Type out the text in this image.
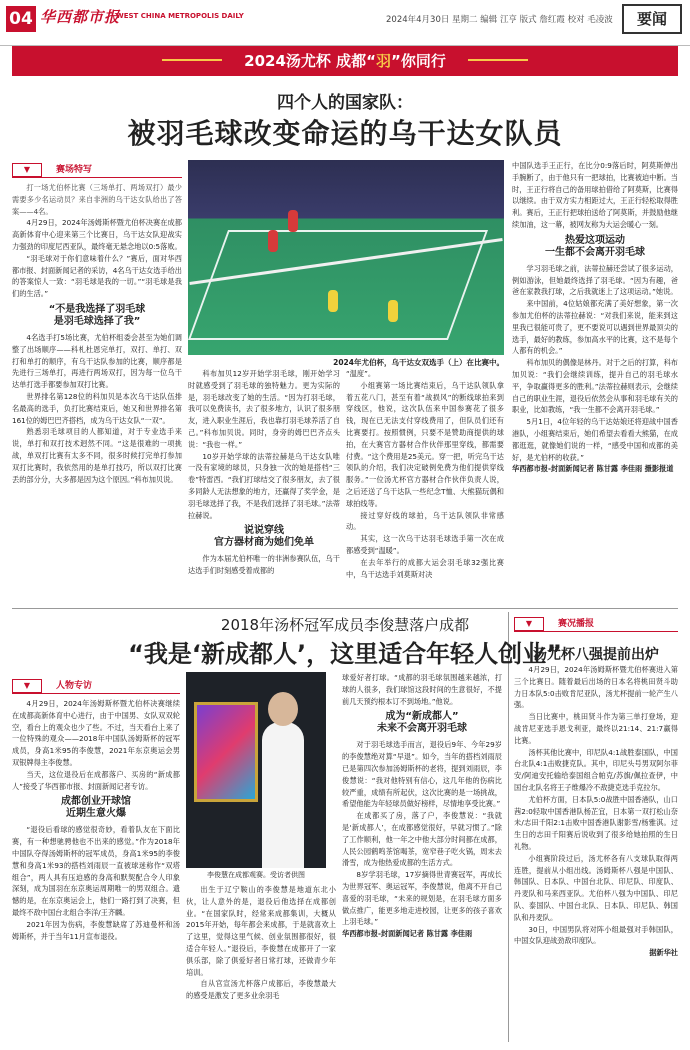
04 华西都市报
WEST CHINA METROPOLIS DAILY	2024年4月30日 星期二 编辑 江亨 版式 詹红霞 校对 毛凌波	要闻
2024汤尤杯 成都“羽”你同行
四个人的国家队：
被羽毛球改变命运的乌干达女队员
▼	赛场特写

打一场尤伯杯比赛（三场单打、两场双打）最少需要多少名运动员？来自非洲的乌干达女队给出了答案——4名。

4月29日，2024年汤姆斯杯暨尤伯杯决赛在成都高新体育中心迎来第三个比赛日，乌干达女队迎战实力强劲的印度尼西亚队，最终毫无悬念地以0:5落败。

“羽毛球对于你们意味着什么？”赛后，面对华西都市报、封面新闻记者的采访，4名乌干达女选手给出的答案惊人一致：“羽毛球是我的一切。”“羽毛球是我们的生活。”

“不是我选择了羽毛球
是羽毛球选择了我”

4名选手打5场比赛，尤伯杯组委会甚至为她们调整了出场顺序——科札杜恩完单打，双打、单打、双打和单打的顺序，有乌干达队参加的比赛，顺序都是先进行三场单打，再进行两场双打，因为每一位乌干达单打选手都要参加双打比赛。

世界排名第128位的科加贝是本次乌干达队伍排名最高的选手，负打比赛结束后，她又和世界排名第161位的姆巴巴齐搭档，成为乌干达女队“一双”。

熟悉羽毛球项目的人都知道，对于专业选手来说，单打和双打技术迥然不同。“这是很难的一项挑战，单双打比赛有太多不同，很多时候打完单打参加双打比赛时，我依然用的是单打技巧，所以双打比赛丢的部分分，大多都是因为这个原因。”科布加贝说。

2024年尤伯杯，乌干达女双选手（上）在比赛中。

科布加贝12岁开始学羽毛球，刚开始学习时就感受到了羽毛球的独特魅力。更为实际的是，羽毛球改变了她的生活。“因为打羽毛球，我可以免费读书，去了很多地方，认识了很多朋友，进入职业生涯后，我也靠打羽毛球养活了自己。”科布加贝说。同时，身旁的姆巴巴齐点头说：“我也一样。”

10岁开始学球的法蒂拉赫是乌干达女队唯一没有家境的球员，只身独一次的她是搭档“三卷”特雷西。“我们打球结交了很多朋友，去了很多同龄人无法想象的地方，还赢得了奖学金，是羽毛球选择了我，不是我们选择了羽毛球。”法蒂拉赫说。

说说穿线
官方器材商为她们免单

作为本届尤伯杯唯一的非洲参赛队伍，乌干达选手们时刻感受着成都的

“温度”。

小组赛第一场比赛结束后，乌干达队领队拿着五花八门，甚至有着“战损风”的断线球拍来到穿线区，他说，这次队伍来中国参赛花了很多钱，现在已无法支付穿线费用了，但队员们还有比赛要打。按照惯例，只要不是赞助商提供的球拍，在大赛官方器材合作伙伴那里穿线，都需要付费。“这个费用是25美元。穿一把，听完乌干达领队的介绍，我们决定破例免费为他们提供穿线服务。”一位汤尤杯官方器材合作伙伴负责人说，之后还送了乌干达队一些纪念T恤、大熊猫玩偶和球拍线等。

接过穿好线的球拍，乌干达队领队非常感动。

其实，这一次乌干达羽毛球选手第一次在成都感受到“温暖”。

在去年举行的成都大运会羽毛球32强比赛中，乌干达选手刘莫斯对决

中国队选手王正行，在比分0:9落后时，阿莫斯伸出手腕断了，由于他只有一把球拍，比赛被迫中断。当时，王正行将自己的备用球拍借给了阿莫斯，比赛得以继续。由于双方实力相距过大，王正行轻松取得胜利。赛后，王正行把球拍送给了阿莫斯，并鼓励他继续加油，这一幕，被网友称为大运会暖心一刻。

热爱这项运动
一生都不会离开羽毛球

学习羽毛球之前，法蒂拉赫还尝试了很多运动，例如游泳，但她最终选择了羽毛球。“因为有趣，爸爸在家教我打球，之后我就迷上了这项运动。”她说。

来中国前，4位姑娘都充满了美好想象，第一次参加尤伯杯的法蒂拉赫说：“对我们来说，能来到这里我已很能可贵了，更不要说可以遇到世界最顶尖的选手，最好的教练，参加高水平的比赛，这不是每个人都有的机会。”

科布加贝的偶像是林丹。对于之后的打算，科布加贝说：“我们会继续训练，提升自己的羽毛球水平，争取赢得更多的胜利。”法蒂拉赫则表示，会继续自己的职业生涯，退役后依然会从事和羽毛球有关的职业，比如教练，“我一生都不会离开羽毛球。”

5月1日，4位年轻的乌干达姑娘还将迎战中国香港队，小组赛结束后，她们希望去看看大熊猫，在成都逛逛，就像她们说的一样，“感受中国和成都的美好，是尤伯杯的收获。”

华西都市报-封面新闻记者 陈甘露 李佳雨 摄影报道

▼	赛况播报
汤尤杯八强提前出炉

4月29日，2024年汤姆斯杯暨尤伯杯赛进入第三个比赛日。随着最后出场的日本名将桃田贤斗助力日本队5:0击败肯尼亚队，汤尤杯提前一轮产生八强。

当日比赛中，桃田贤斗作为第三单打登场，迎战肯尼亚选手恩戈利亚，最终以21:14、21:7赢得比赛。

汤杯其他比赛中，印尼队4:1战胜泰国队，中国台北队4:1击败捷克队。其中，印尼头号男双阿尔菲安/阿迪安托输给泰国组合帕克/苏旗/佩拉查伊，中国台北队名将王子维爆冷不敌捷克选手克拉尔。

尤伯杯方面，日本队5:0战胜中国香港队，山口茜2:0轻取中国香港队杨芷宜，日本第一双打松山奈未/志田千阳2:1击败中国香港队谢影雪/杨雅淇。过生日的志田千阳赛后说收到了很多给她拍照的生日礼物。

小组赛阶段过后，汤尤杯各有八支球队取得两连胜，提前从小组出线。汤姆斯杯八强是中国队、韩国队、日本队、中国台北队、印尼队、印度队、丹麦队和马来西亚队。尤伯杯八强为中国队、印尼队、泰国队、中国台北队、日本队、印尼队、韩国队和丹麦队。

30日，中国男队将对阵小组最强对手韩国队，中国女队迎战劲敌印度队。

据新华社

2018年汤杯冠军成员李俊慧落户成都
“我是‘新成都人’，这里适合年轻人创业”
▼	人物专访

4月29日，2024年汤姆斯杯暨尤伯杯决赛继续在成都高新体育中心进行，由于中国男、女队双双轮空，看台上的观众也少了些。不过，当天看台上来了一位特殊的观众——2018年中国队汤姆斯杯的冠军成员，身高1米95的李俊慧，2021年东京奥运会男双银牌得主李俊慧。

当天，这位退役后在成都落户、买房的“新成都人”接受了华西都市报、封面新闻记者专访。

成都创业开球馆
近期生意火爆

“退役后看球的感觉很奇妙，看着队友在下面比赛，有一种想驰骋他也不出来的感觉。”作为2018年中国队夺得汤姆斯杯的冠军成员，身高1米95的李俊慧和身高1米93的搭档刘雨辰一直被球迷称作“双塔组合”，两人具有压迫感的身高和默契配合令人印象深刻，成为国羽在东京奥运周期唯一的男双组合。遗憾的是，在东京奥运会上，他们一路打到了决赛，但最终不敌中国台北组合李洋/王齐麟。

2021年因为伤病，李俊慧缺席了苏迪曼杯和汤姆斯杯，并于当年11月宣布退役。

李俊慧在成都观赛。受访者供图

出生于辽宁鞍山的李俊慧是地道东北小伙，让人意外的是，退役后他选择在成都创业。“在国家队时，经常来成都集训，大概从2015年开始，每年都会来成都，于是就喜欢上了这里，觉得这里气候、创业氛围都很好，很适合年轻人。”退役后，李俊慧在成都开了一家俱乐部，除了俱爱好者日常打球，还做青少年培训。

自从官宣汤尤杯落户成都后，李俊慧最大的感受是激发了更多业余羽毛

球爱好者打球。“成都的羽毛球氛围越来越浓，打球的人很多，我们球馆这段时间的生意很好，不提前几天预约根本订不到场地。”他说。

成为“新成都人”
未来不会离开羽毛球

对于羽毛球选手而言，退役后9年、今年29岁的李俊慧绝对算“早退”。如今，当年的搭档刘雨辰已是第四次参加汤姆斯杯的老将，提到刘雨辰，李俊慧说：“我对他特别有信心，这几年他的伤病比较严重，成绩有所起伏，这次比赛的是一场挑战，希望他能为年轻球员做好榜样，尽情地享受比赛。”

在成都买了房，落了户，李俊慧说：“我就是‘新成都人’，在成都感觉很好，早就习惯了。”除了工作顺利，他一年之中他大部分时间都在成都，人民公园鹤鸣茶馆喝茶，宽窄巷子吃火锅，周末去滑雪，成为他热爱成都的生活方式。

8岁学羽毛球，17岁摘得世青赛冠军，再成长为世界冠军、奥运冠军，李俊慧说，他离不开自己喜爱的羽毛球，“未来的规划是，在羽毛球方面多做点推广，能更多地走进校园，让更多的孩子喜欢上羽毛球。”

华西都市报-封面新闻记者 陈甘露 李佳雨
